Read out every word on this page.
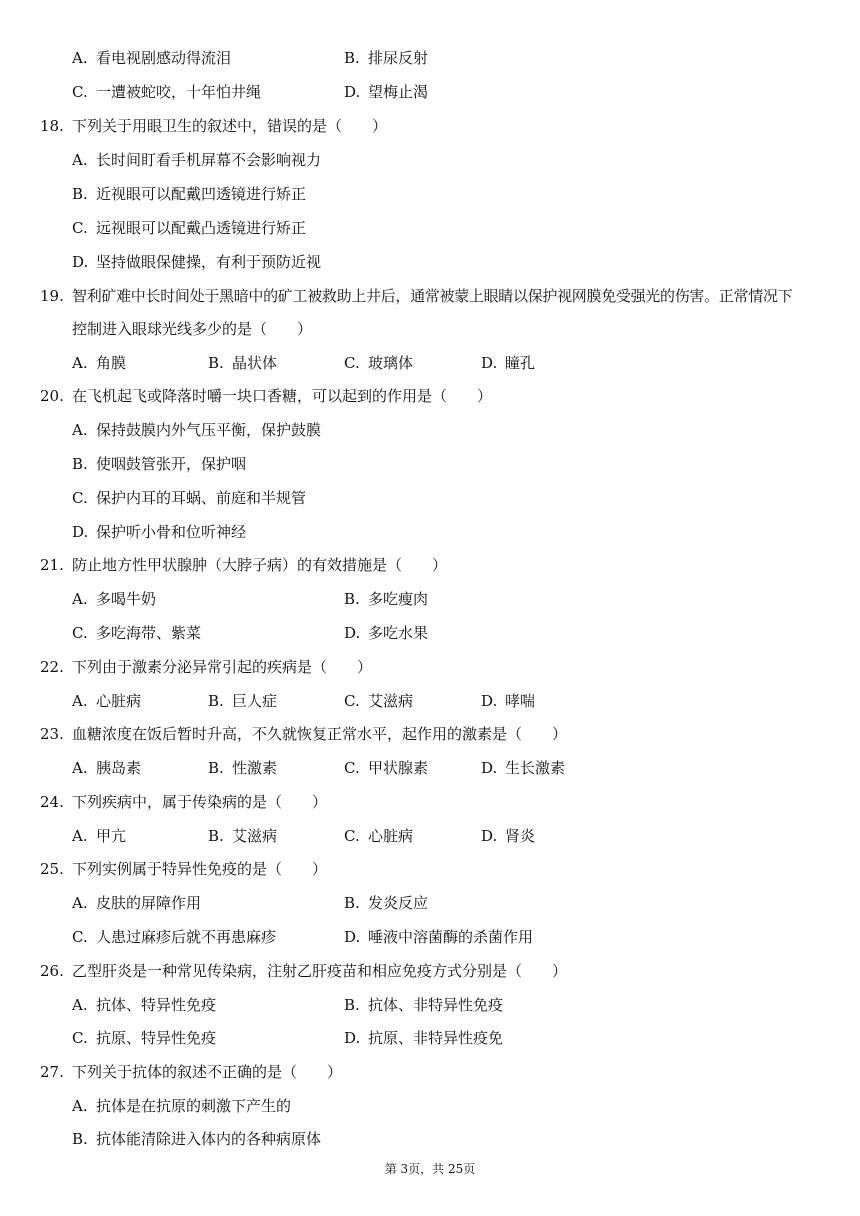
A. 看电视剧感动得流泪	B. 排尿反射
C. 一遭被蛇咬，十年怕井绳	D. 望梅止渴
18. 下列关于用眼卫生的叙述中，错误的是（　　）
A. 长时间盯看手机屏幕不会影响视力
B. 近视眼可以配戴凹透镜进行矫正
C. 远视眼可以配戴凸透镜进行矫正
D. 坚持做眼保健操，有利于预防近视
19. 智利矿难中长时间处于黑暗中的矿工被救助上井后，通常被蒙上眼睛以保护视网膜免受强光的伤害。正常情况下
控制进入眼球光线多少的是（　　）
A. 角膜	B. 晶状体	C. 玻璃体	D. 瞳孔
20. 在飞机起飞或降落时嚼一块口香糖，可以起到的作用是（　　）
A. 保持鼓膜内外气压平衡，保护鼓膜
B. 使咽鼓管张开，保护咽
C. 保护内耳的耳蜗、前庭和半规管
D. 保护听小骨和位听神经
21. 防止地方性甲状腺肿（大脖子病）的有效措施是（　　）
A. 多喝牛奶	B. 多吃瘦肉
C. 多吃海带、紫菜	D. 多吃水果
22. 下列由于激素分泌异常引起的疾病是（　　）
A. 心脏病	B. 巨人症	C. 艾滋病	D. 哮喘
23. 血糖浓度在饭后暂时升高，不久就恢复正常水平，起作用的激素是（　　）
A. 胰岛素	B. 性激素	C. 甲状腺素	D. 生长激素
24. 下列疾病中，属于传染病的是（　　）
A. 甲亢	B. 艾滋病	C. 心脏病	D. 肾炎
25. 下列实例属于特异性免疫的是（　　）
A. 皮肤的屏障作用	B. 发炎反应
C. 人患过麻疹后就不再患麻疹	D. 唾液中溶菌酶的杀菌作用
26. 乙型肝炎是一种常见传染病，注射乙肝疫苗和相应免疫方式分别是（　　）
A. 抗体、特异性免疫	B. 抗体、非特异性免疫
C. 抗原、特异性免疫	D. 抗原、非特异性疫免
27. 下列关于抗体的叙述不正确的是（　　）
A. 抗体是在抗原的刺激下产生的
B. 抗体能清除进入体内的各种病原体
第 3页，共 25页
